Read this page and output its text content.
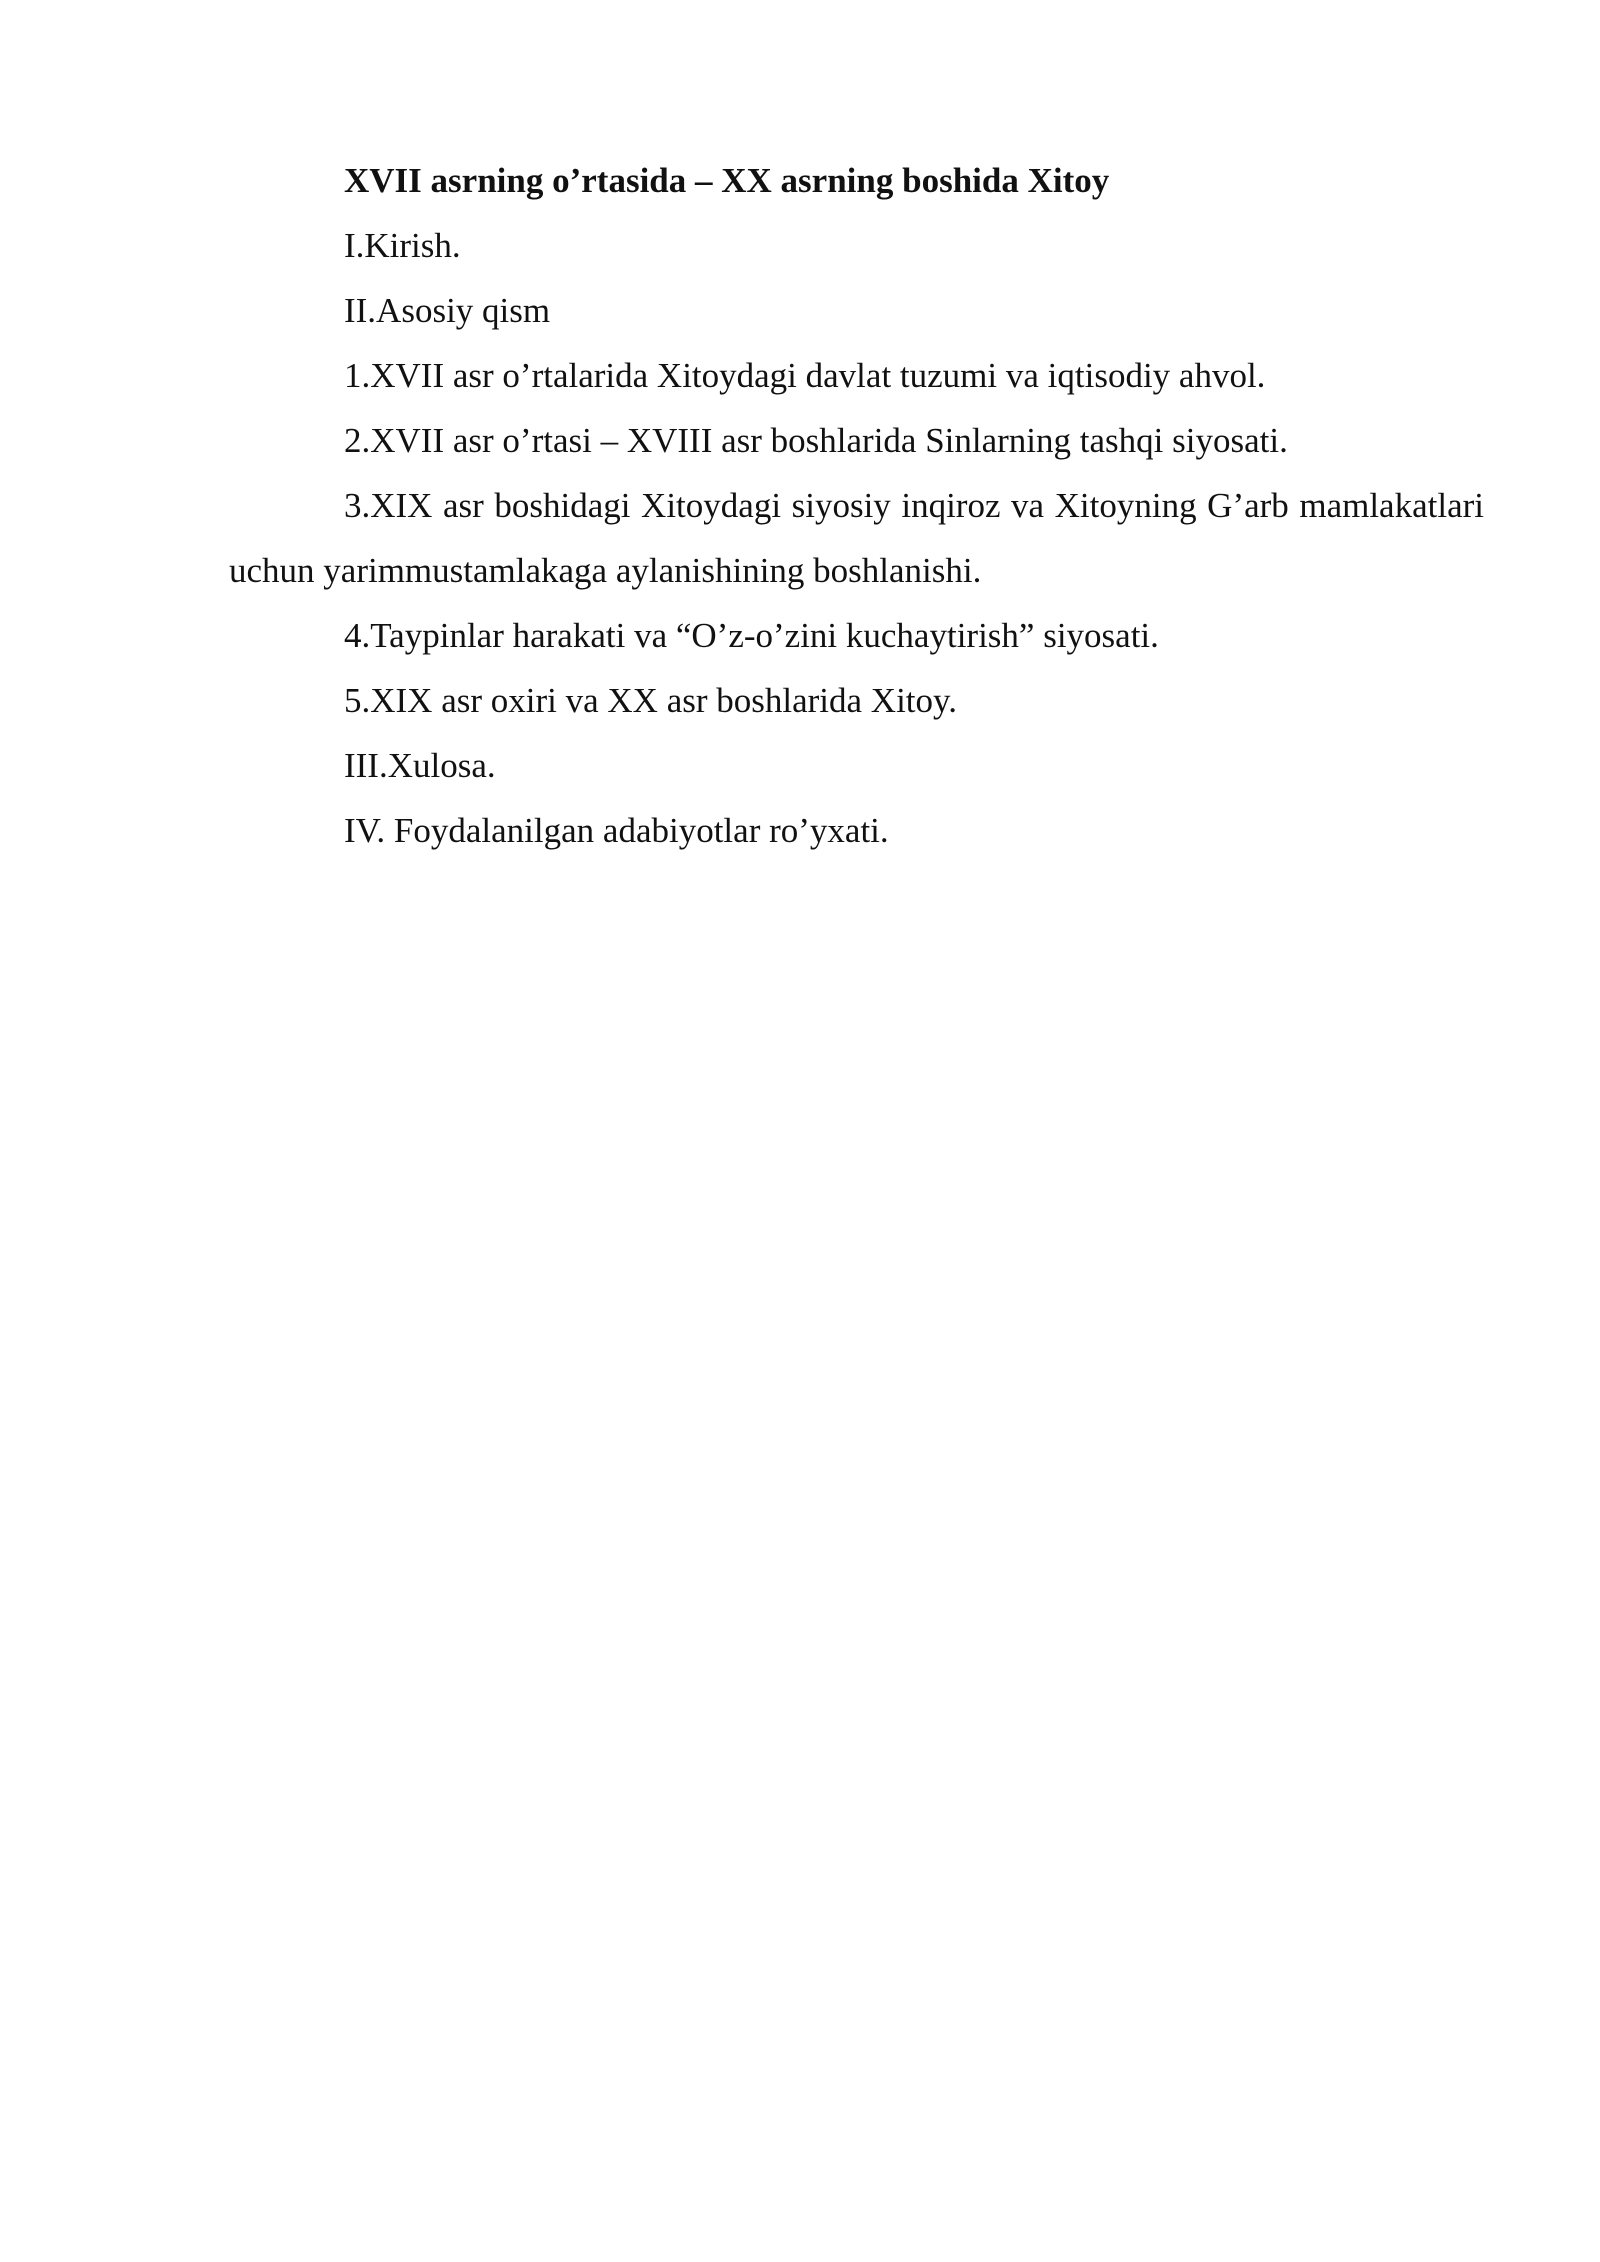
XVII asrning o’rtasida – XX asrning boshida Xitoy

I.Kirish.

II.Asosiy qism

1.XVII asr o’rtalarida Xitoydagi davlat tuzumi va iqtisodiy ahvol.

2.XVII asr o’rtasi – XVIII asr boshlarida Sinlarning tashqi siyosati.

3.XIX asr boshidagi Xitoydagi siyosiy inqiroz va Xitoyning G’arb mamlakatlari uchun yarimmustamlakaga aylanishining boshlanishi.

4.Taypinlar harakati va “O’z-o’zini kuchaytirish” siyosati.

5.XIX asr oxiri va XX asr boshlarida Xitoy.

III.Xulosa.

IV. Foydalanilgan adabiyotlar ro’yxati.
